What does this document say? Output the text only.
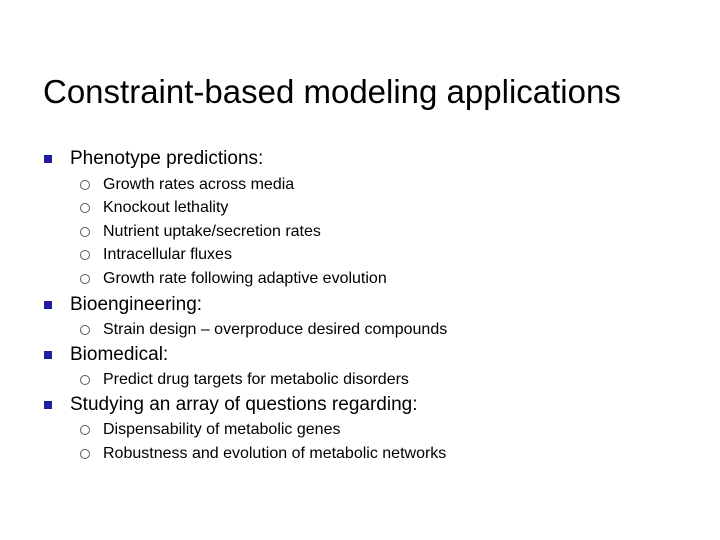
Constraint-based modeling applications
Phenotype predictions:
Growth rates across media
Knockout lethality
Nutrient uptake/secretion rates
Intracellular fluxes
Growth rate following adaptive evolution
Bioengineering:
Strain design – overproduce desired compounds
Biomedical:
Predict drug targets for metabolic disorders
Studying an array of questions regarding:
Dispensability of metabolic genes
Robustness and evolution of metabolic networks
